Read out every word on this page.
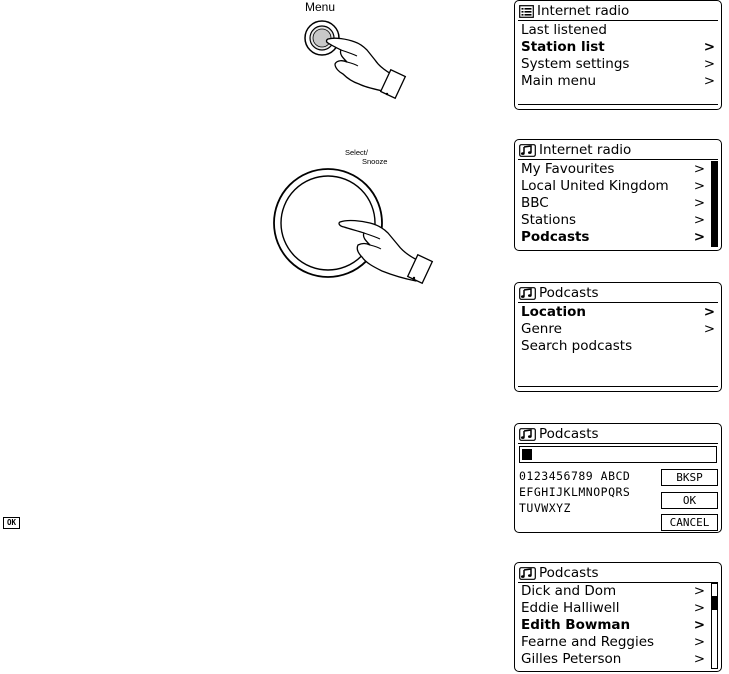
Menu
Select/
Snooze
OK
Internet radio
Last listened
Station list	>
System settings	>
Main menu	>
Internet radio
My Favourites	>
Local United Kingdom >
BBC	>
Stations	>
Podcasts	>
Podcasts
Location	>
Genre	>
Search podcasts
Podcasts
0123456789 ABCD
EFGHIJKLMNOPQRS
TUVWXYZ
BKSP
OK
CANCEL
Podcasts
Dick and Dom	>
Eddie Halliwell	>
Edith Bowman	>
Fearne and Reggies	>
Gilles Peterson	>
